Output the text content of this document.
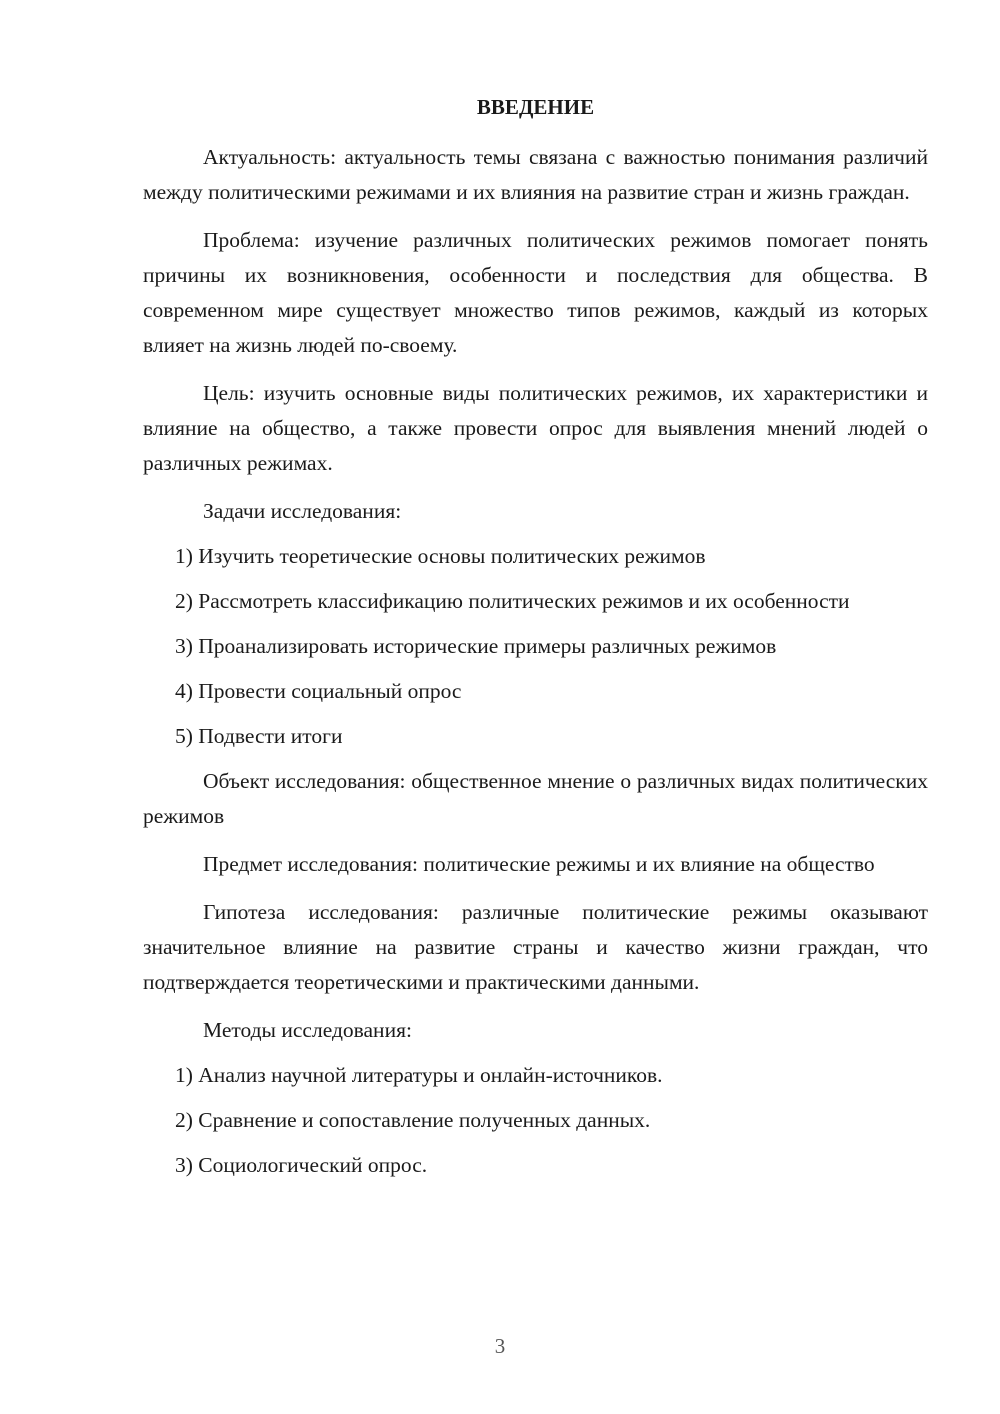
ВВЕДЕНИЕ

Актуальность: актуальность темы связана с важностью понимания различий между политическими режимами и их влияния на развитие стран и жизнь граждан.

Проблема: изучение различных политических режимов помогает понять причины их возникновения, особенности и последствия для общества. В современном мире существует множество типов режимов, каждый из которых влияет на жизнь людей по-своему.

Цель: изучить основные виды политических режимов, их характеристики и влияние на общество, а также провести опрос для выявления мнений людей о различных режимах.

Задачи исследования:

1) Изучить теоретические основы политических режимов

2) Рассмотреть классификацию политических режимов и их особенности

3) Проанализировать исторические примеры различных режимов

4) Провести социальный опрос

5) Подвести итоги

Объект исследования: общественное мнение о различных видах политических режимов

Предмет исследования: политические режимы и их влияние на общество

Гипотеза исследования: различные политические режимы оказывают значительное влияние на развитие страны и качество жизни граждан, что подтверждается теоретическими и практическими данными.

Методы исследования:

1) Анализ научной литературы и онлайн-источников.

2) Сравнение и сопоставление полученных данных.

3) Социологический опрос.

3
